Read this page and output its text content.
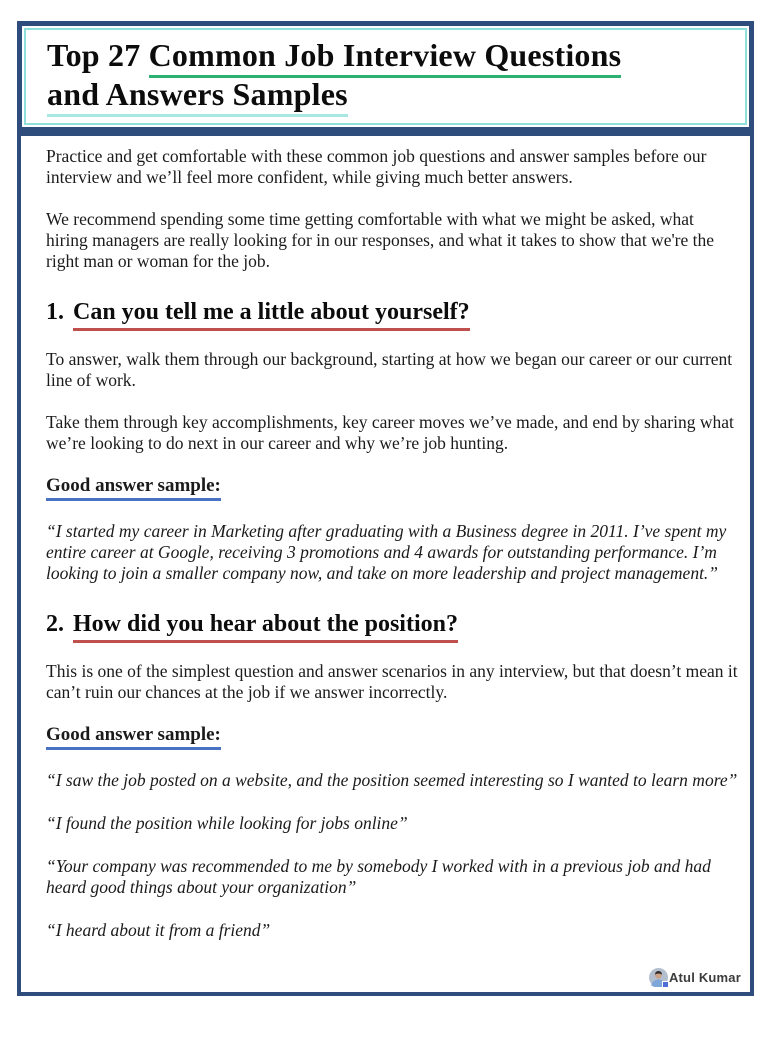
Top 27 Common Job Interview Questions
and Answers Samples

Practice and get comfortable with these common job questions and answer samples before our interview and we’ll feel more confident, while giving much better answers.

We recommend spending some time getting comfortable with what we might be asked, what hiring managers are really looking for in our responses, and what it takes to show that we're the right man or woman for the job.

1. Can you tell me a little about yourself?

To answer, walk them through our background, starting at how we began our career or our current line of work.

Take them through key accomplishments, key career moves we’ve made, and end by sharing what we’re looking to do next in our career and why we’re job hunting.

Good answer sample:

“I started my career in Marketing after graduating with a Business degree in 2011. I’ve spent my entire career at Google, receiving 3 promotions and 4 awards for outstanding performance. I’m looking to join a smaller company now, and take on more leadership and project management.”

2. How did you hear about the position?

This is one of the simplest question and answer scenarios in any interview, but that doesn’t mean it can’t ruin our chances at the job if we answer incorrectly.

Good answer sample:

“I saw the job posted on a website, and the position seemed interesting so I wanted to learn more”

“I found the position while looking for jobs online”

“Your company was recommended to me by somebody I worked with in a previous job and had heard good things about your organization”

“I heard about it from a friend”

Atul Kumar
